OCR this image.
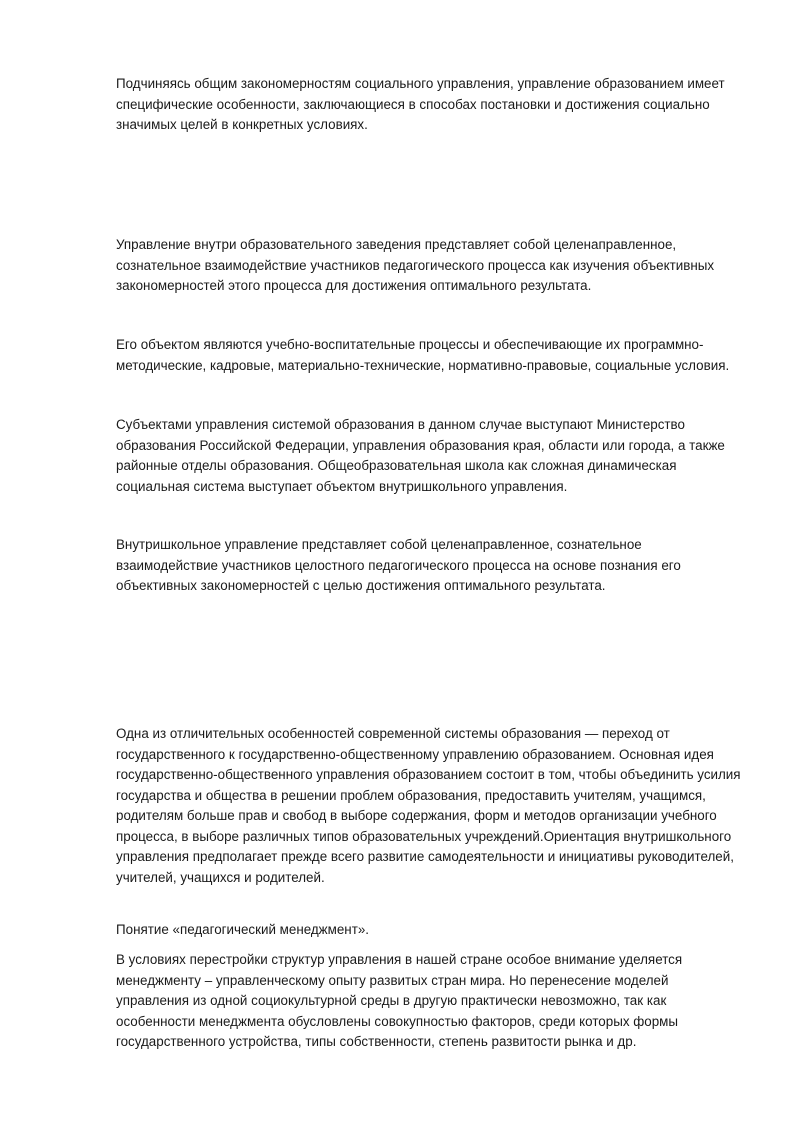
Подчиняясь общим закономерностям социального управления, управление образованием имеет специфические особенности, заключающиеся в способах постановки и достижения социально значимых целей в конкретных условиях.

Управление внутри образовательного заведения представляет собой целенаправленное, сознательное взаимодействие участников педагогического процесса как изучения объективных закономерностей этого процесса для достижения оптимального результата.

Его объектом являются учебно-воспитательные процессы и обеспечивающие их программно-методические, кадровые, материально-технические, нормативно-правовые, социальные условия.

Субъектами управления системой образования в данном случае выступают Министерство образования Российской Федерации, управления образования края, области или города, а также районные отделы образования. Общеобразовательная школа как сложная динамическая социальная система выступает объектом внутришкольного управления.

Внутришкольное управление представляет собой целенаправленное, сознательное взаимодействие участников целостного педагогического процесса на основе познания его объективных закономерностей с целью достижения оптимального результата.

Одна из отличительных особенностей современной системы образования — переход от государственного к государственно-общественному управлению образованием. Основная идея государственно-общественного управления образованием состоит в том, чтобы объединить усилия государства и общества в решении проблем образования, предоставить учителям, учащимся, родителям больше прав и свобод в выборе содержания, форм и методов организации учебного процесса, в выборе различных типов образовательных учреждений.Ориентация внутришкольного управления предполагает прежде всего развитие самодеятельности и инициативы руководителей, учителей, учащихся и родителей.

Понятие «педагогический менеджмент».

В условиях перестройки структур управления в нашей стране особое внимание уделяется менеджменту – управленческому опыту развитых стран мира. Но перенесение моделей управления из одной социокультурной среды в другую практически невозможно, так как особенности менеджмента обусловлены совокупностью факторов, среди которых формы государственного устройства, типы собственности, степень развитости рынка и др.
